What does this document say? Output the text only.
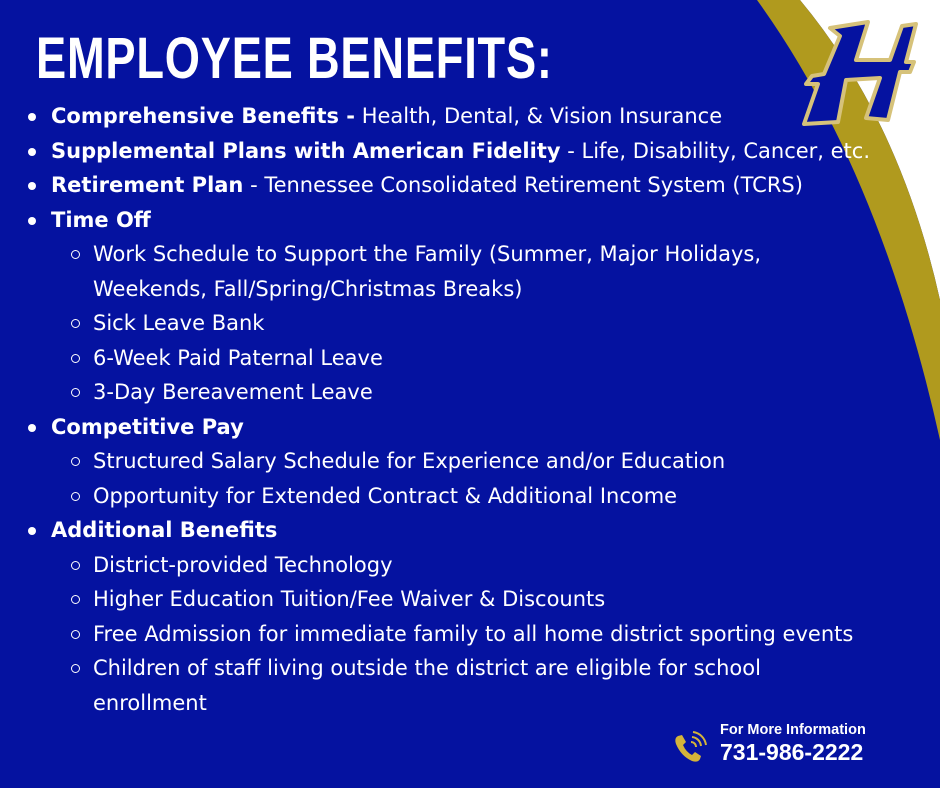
EMPLOYEE BENEFITS:
Comprehensive Benefits - Health, Dental, & Vision Insurance
Supplemental Plans with American Fidelity - Life, Disability, Cancer, etc.
Retirement Plan - Tennessee Consolidated Retirement System (TCRS)
Time Off
Work Schedule to Support the Family (Summer, Major Holidays,
Weekends, Fall/Spring/Christmas Breaks)
Sick Leave Bank
6-Week Paid Paternal Leave
3-Day Bereavement Leave
Competitive Pay
Structured Salary Schedule for Experience and/or Education
Opportunity for Extended Contract & Additional Income
Additional Benefits
District-provided Technology
Higher Education Tuition/Fee Waiver & Discounts
Free Admission for immediate family to all home district sporting events
Children of staff living outside the district are eligible for school
enrollment
For More Information
731-986-2222
